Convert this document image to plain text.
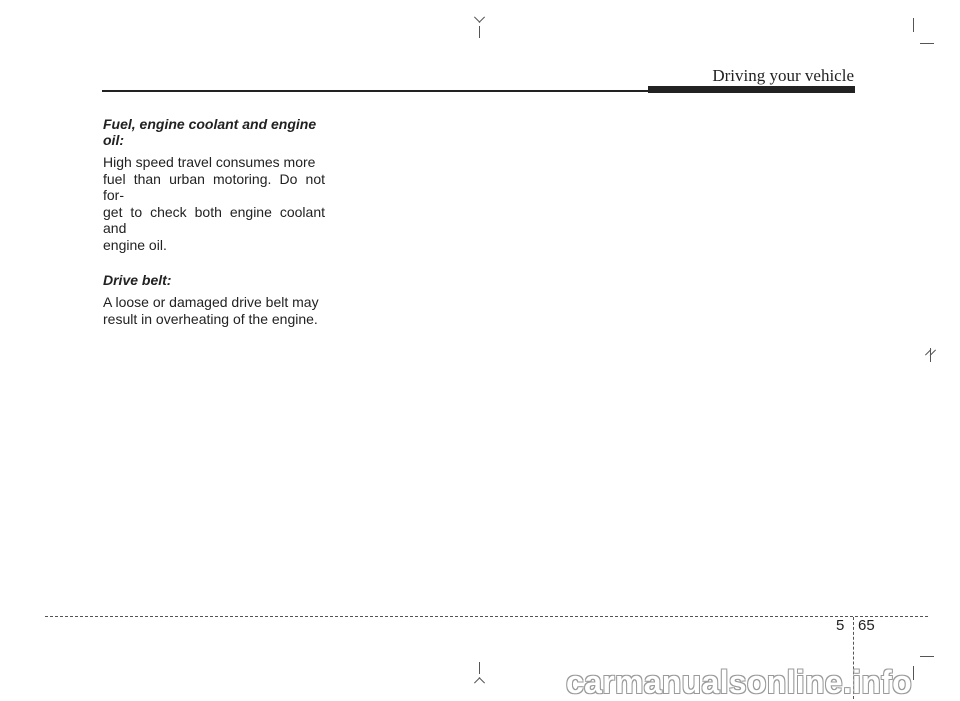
Driving your vehicle

Fuel, engine coolant and engine
oil:

High speed travel consumes more
fuel than urban motoring. Do not for-
get to check both engine coolant and
engine oil.

Drive belt:

A loose or damaged drive belt may
result in overheating of the engine.

5 65
carmanualsonline.info
